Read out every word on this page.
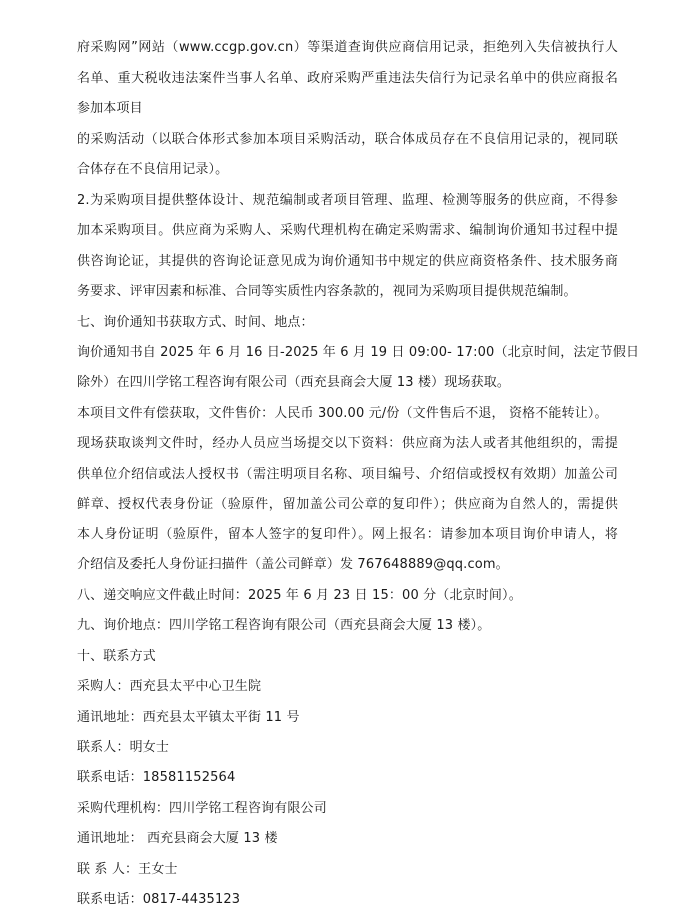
府采购网”网站（www.ccgp.gov.cn）等渠道查询供应商信用记录，拒绝列入失信被执行人
名单、重大税收违法案件当事人名单、政府采购严重违法失信行为记录名单中的供应商报名
参加本项目
的采购活动（以联合体形式参加本项目采购活动，联合体成员存在不良信用记录的，视同联
合体存在不良信用记录）。
2.为采购项目提供整体设计、规范编制或者项目管理、监理、检测等服务的供应商，不得参
加本采购项目。供应商为采购人、采购代理机构在确定采购需求、编制询价通知书过程中提
供咨询论证，其提供的咨询论证意见成为询价通知书中规定的供应商资格条件、技术服务商
务要求、评审因素和标准、合同等实质性内容条款的，视同为采购项目提供规范编制。
七、询价通知书获取方式、时间、地点：
询价通知书自 2025 年 6 月 16 日-2025 年 6 月 19 日 09:00- 17:00（北京时间，法定节假日
除外）在四川学铭工程咨询有限公司（西充县商会大厦 13 楼）现场获取。
本项目文件有偿获取，文件售价：人民币 300.00 元/份（文件售后不退， 资格不能转让）。
现场获取谈判文件时，经办人员应当场提交以下资料：供应商为法人或者其他组织的，需提
供单位介绍信或法人授权书（需注明项目名称、项目编号、介绍信或授权有效期）加盖公司
鲜章、授权代表身份证（验原件，留加盖公司公章的复印件）；供应商为自然人的，需提供
本人身份证明（验原件，留本人签字的复印件）。网上报名：请参加本项目询价申请人，将
介绍信及委托人身份证扫描件（盖公司鲜章）发 767648889@qq.com。
八、递交响应文件截止时间：2025 年 6 月 23 日 15：00 分（北京时间）。
九、询价地点：四川学铭工程咨询有限公司（西充县商会大厦 13 楼）。
十、联系方式
采购人：西充县太平中心卫生院
通讯地址：西充县太平镇太平街 11 号
联系人：明女士
联系电话：18581152564
采购代理机构：四川学铭工程咨询有限公司
通讯地址： 西充县商会大厦 13 楼
联 系 人：王女士
联系电话：0817-4435123
